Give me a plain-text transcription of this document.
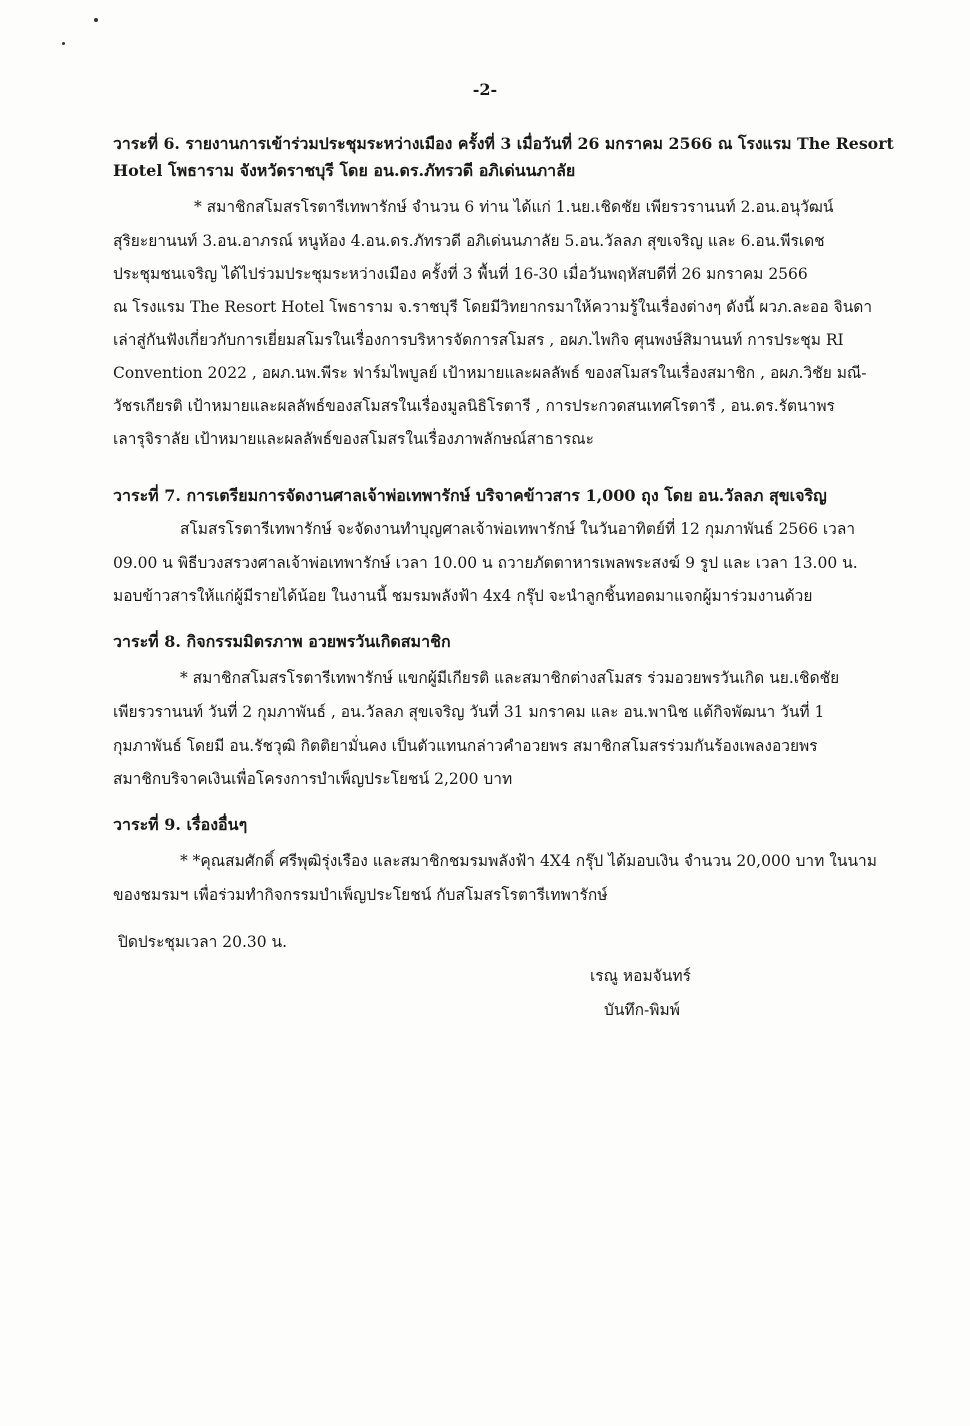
-2-
วาระที่ 6. รายงานการเข้าร่วมประชุมระหว่างเมือง ครั้งที่ 3 เมื่อวันที่ 26 มกราคม 2566 ณ โรงแรม The Resort
Hotel โพธาราม จังหวัดราชบุรี โดย อน.ดร.ภัทรวดี อภิเด่นนภาลัย
* สมาชิกสโมสรโรตารีเทพารักษ์ จำนวน 6 ท่าน ได้แก่ 1.นย.เชิดชัย เพียรวรานนท์ 2.อน.อนุวัฒน์
สุริยะยานนท์ 3.อน.อาภรณ์ หนูห้อง 4.อน.ดร.ภัทรวดี อภิเด่นนภาลัย 5.อน.วัลลภ สุขเจริญ และ 6.อน.พีรเดช
ประชุมชนเจริญ ได้ไปร่วมประชุมระหว่างเมือง ครั้งที่ 3 พื้นที่ 16-30 เมื่อวันพฤหัสบดีที่ 26 มกราคม 2566
ณ โรงแรม The Resort Hotel โพธาราม จ.ราชบุรี โดยมีวิทยากรมาให้ความรู้ในเรื่องต่างๆ ดังนี้ ผวภ.ละออ จินดา
เล่าสู่กันฟังเกี่ยวกับการเยี่ยมสโมรในเรื่องการบริหารจัดการสโมสร , อผภ.ไพกิจ ศุนพงษ์สิมานนท์ การประชุม RI
Convention 2022 , อผภ.นพ.พีระ ฟาร์มไพบูลย์ เป้าหมายและผลลัพธ์ ของสโมสรในเรื่องสมาชิก , อผภ.วิชัย มณี-
วัชรเกียรติ เป้าหมายและผลลัพธ์ของสโมสรในเรื่องมูลนิธิโรตารี , การประกวดสนเทศโรตารี , อน.ดร.รัตนาพร
เลารุจิราลัย เป้าหมายและผลลัพธ์ของสโมสรในเรื่องภาพลักษณ์สาธารณะ
วาระที่ 7. การเตรียมการจัดงานศาลเจ้าพ่อเทพารักษ์ บริจาคข้าวสาร 1,000 ถุง โดย อน.วัลลภ สุขเจริญ
สโมสรโรตารีเทพารักษ์ จะจัดงานทำบุญศาลเจ้าพ่อเทพารักษ์ ในวันอาทิตย์ที่ 12 กุมภาพันธ์ 2566 เวลา
09.00 น พิธีบวงสรวงศาลเจ้าพ่อเทพารักษ์ เวลา 10.00 น ถวายภัตตาหารเพลพระสงฆ์ 9 รูป และ เวลา 13.00 น.
มอบข้าวสารให้แก่ผู้มีรายได้น้อย ในงานนี้ ชมรมพลังฟ้า 4x4 กรุ๊ป จะนำลูกชิ้นทอดมาแจกผู้มาร่วมงานด้วย
วาระที่ 8. กิจกรรมมิตรภาพ อวยพรวันเกิดสมาชิก
* สมาชิกสโมสรโรตารีเทพารักษ์ แขกผู้มีเกียรติ และสมาชิกต่างสโมสร ร่วมอวยพรวันเกิด นย.เชิดชัย
เพียรวรานนท์ วันที่ 2 กุมภาพันธ์ , อน.วัลลภ สุขเจริญ วันที่ 31 มกราคม และ อน.พานิช แต้กิจพัฒนา วันที่ 1
กุมภาพันธ์ โดยมี อน.รัชวุฒิ กิตติยามั่นคง เป็นตัวแทนกล่าวคำอวยพร สมาชิกสโมสรร่วมกันร้องเพลงอวยพร
สมาชิกบริจาคเงินเพื่อโครงการบำเพ็ญประโยชน์ 2,200 บาท
วาระที่ 9. เรื่องอื่นๆ
* *คุณสมศักดิ์ ศรีพุฒิรุ่งเรือง และสมาชิกชมรมพลังฟ้า 4X4 กรุ๊ป ได้มอบเงิน จำนวน 20,000 บาท ในนาม
ของชมรมฯ เพื่อร่วมทำกิจกรรมบำเพ็ญประโยชน์ กับสโมสรโรตารีเทพารักษ์
ปิดประชุมเวลา 20.30 น.
เรณู หอมจันทร์
บันทึก-พิมพ์
